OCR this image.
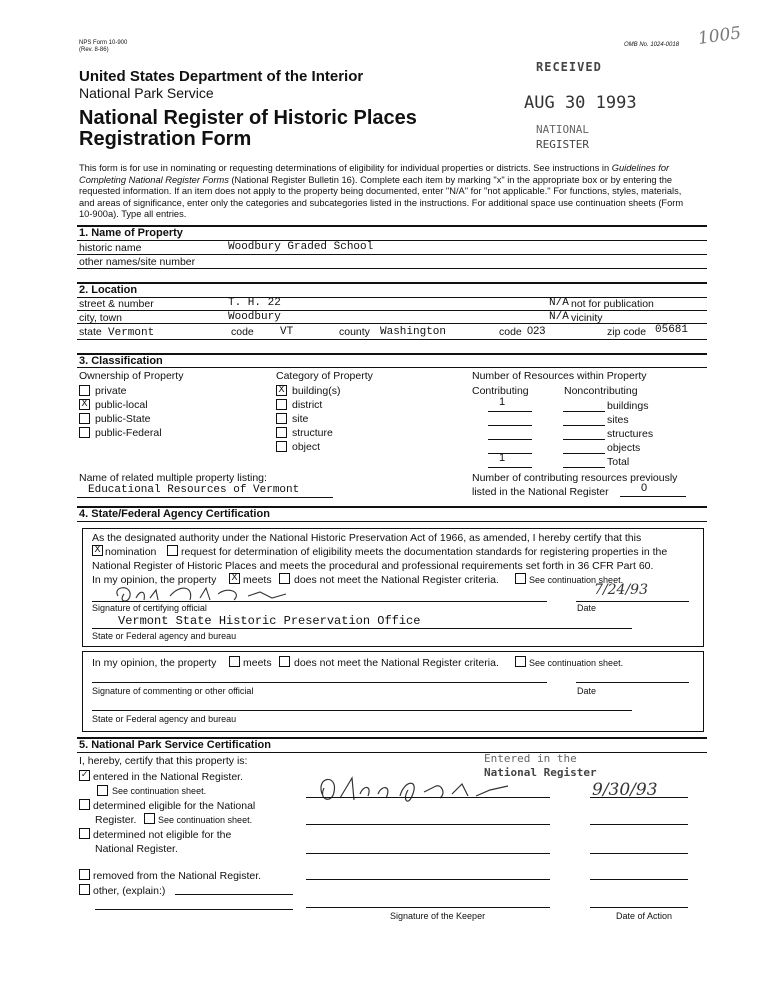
NPS Form 10-900
(Rev. 8-86)
OMB No. 1024-0018 1005
United States Department of the Interior
National Park Service
National Register of Historic Places
Registration Form
RECEIVED
AUG 30 1993
NATIONAL
REGISTER
This form is for use in nominating or requesting determinations of eligibility for individual properties or districts. See instructions in Guidelines for Completing National Register Forms (National Register Bulletin 16). Complete each item by marking "x" in the appropriate box or by entering the requested information. If an item does not apply to the property being documented, enter "N/A" for "not applicable." For functions, styles, materials, and areas of significance, enter only the categories and subcategories listed in the instructions. For additional space use continuation sheets (Form 10-900a). Type all entries.
1. Name of Property
historic name	Woodbury Graded School
other names/site number
2. Location
street & number	T. H. 22	N/A not for publication
city, town	Woodbury	N/A vicinity
state Vermont	code VT	county Washington	code 023	zip code 05681
3. Classification
Ownership of Property	Category of Property	Number of Resources within Property
Contributing	Noncontributing
private
X public-local
public-State
public-Federal
X building(s)
district
site
structure
object
1	buildings
sites
structures
objects
1	Total
Name of related multiple property listing:
Educational Resources of Vermont
Number of contributing resources previously
listed in the National Register	0
4. State/Federal Agency Certification
As the designated authority under the National Historic Preservation Act of 1966, as amended, I hereby certify that this
X nomination request for determination of eligibility meets the documentation standards for registering properties in the
National Register of Historic Places and meets the procedural and professional requirements set forth in 36 CFR Part 60.
In my opinion, the property X meets does not meet the National Register criteria.	See continuation sheet.
7/24/93
Signature of certifying official	Date
Vermont State Historic Preservation Office
State or Federal agency and bureau
In my opinion, the property	meets does not meet the National Register criteria.	See continuation sheet.
Signature of commenting or other official	Date
State or Federal agency and bureau
5. National Park Service Certification
I, hereby, certify that this property is:
✓ entered in the National Register.
See continuation sheet.
determined eligible for the National
Register. See continuation sheet.
determined not eligible for the
National Register.
removed from the National Register.
other, (explain:)
Entered in the
National Register
9/30/93
Signature of the Keeper	Date of Action
